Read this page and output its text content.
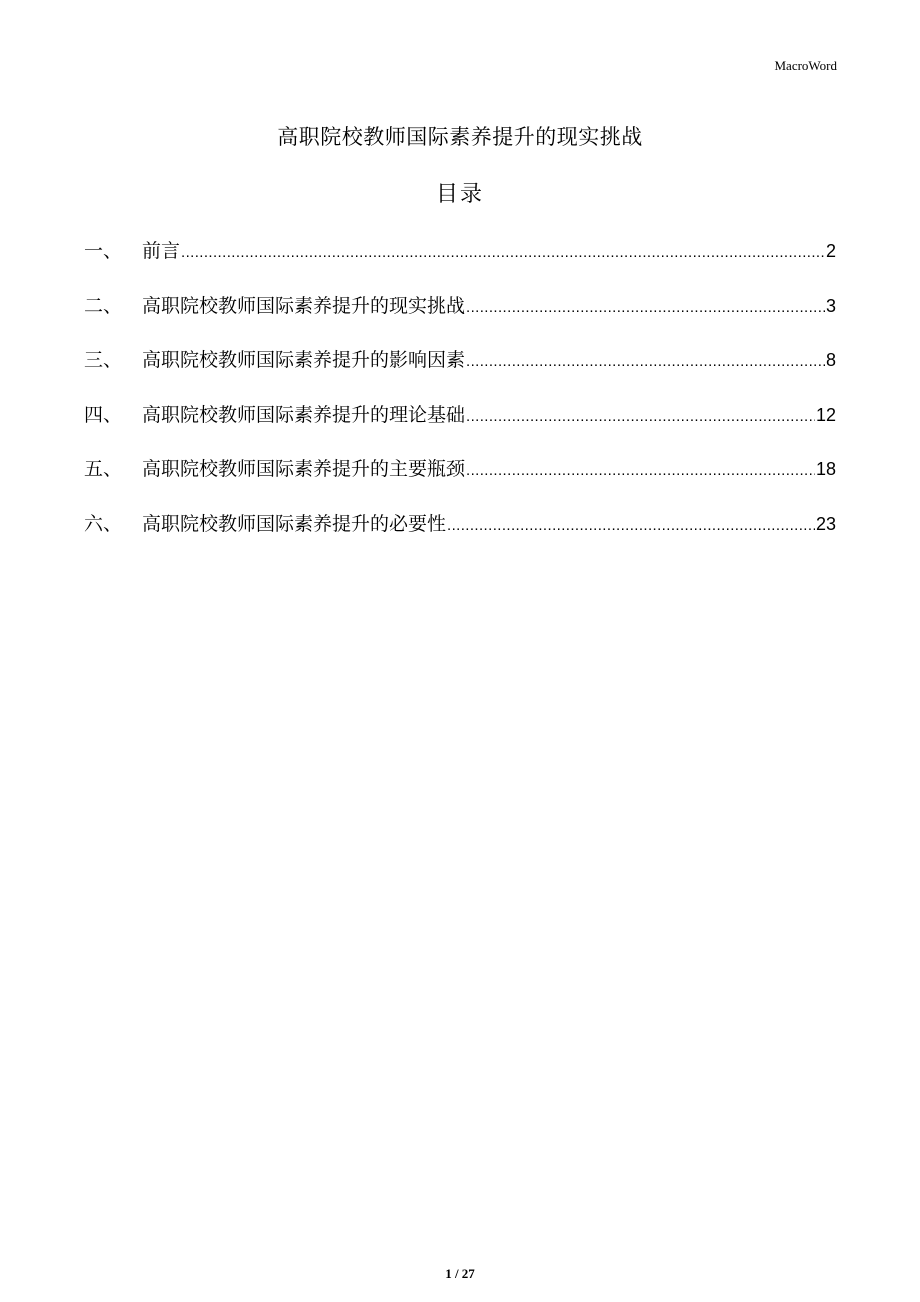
MacroWord
高职院校教师国际素养提升的现实挑战
目录
一、	前言 .....	2
二、	高职院校教师国际素养提升的现实挑战 .....	3
三、	高职院校教师国际素养提升的影响因素 .....	8
四、	高职院校教师国际素养提升的理论基础 .....	12
五、	高职院校教师国际素养提升的主要瓶颈 .....	18
六、	高职院校教师国际素养提升的必要性 .....	23
1 / 27
